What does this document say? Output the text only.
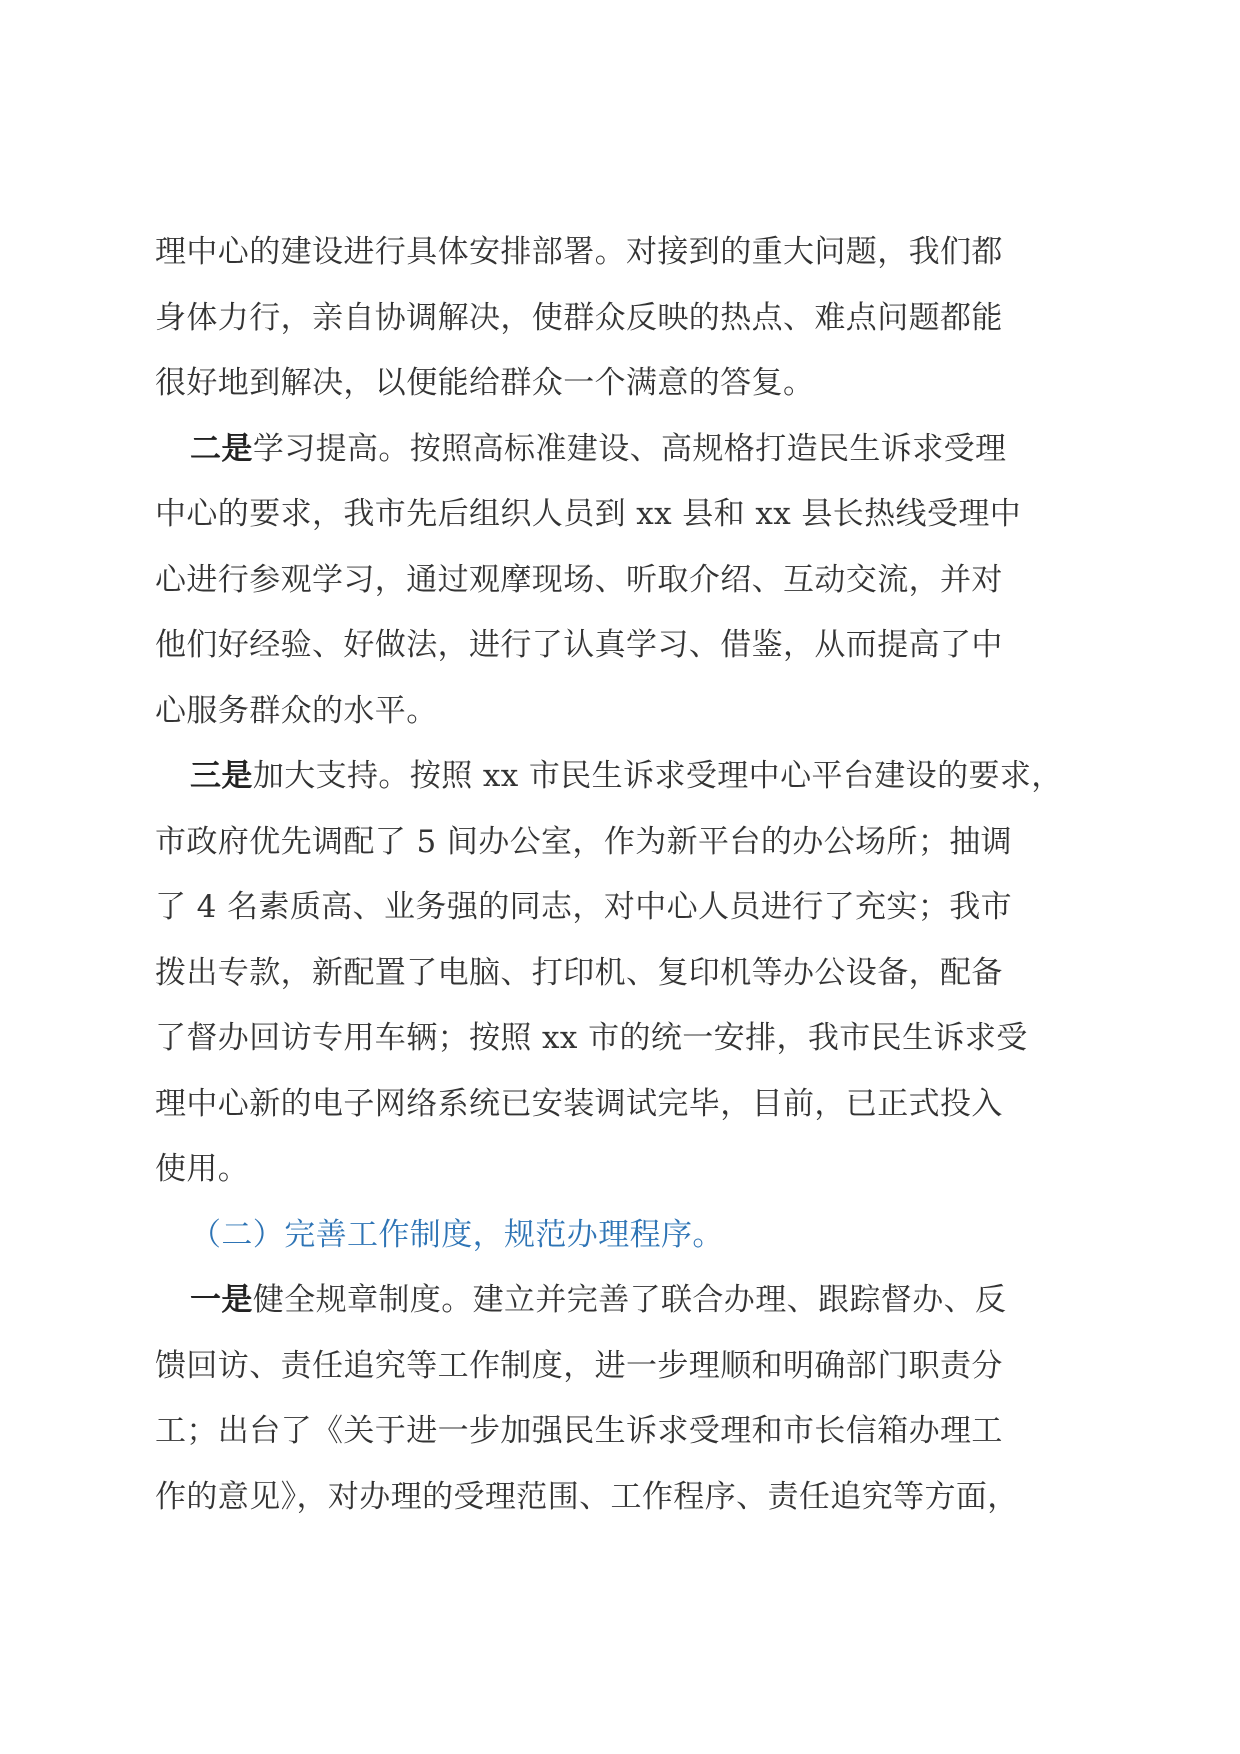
理中心的建设进行具体安排部署。对接到的重大问题，我们都
身体力行，亲自协调解决，使群众反映的热点、难点问题都能
很好地到解决，以便能给群众一个满意的答复。
二是学习提高。按照高标准建设、高规格打造民生诉求受理
中心的要求，我市先后组织人员到 xx 县和 xx 县长热线受理中
心进行参观学习，通过观摩现场、听取介绍、互动交流，并对
他们好经验、好做法，进行了认真学习、借鉴，从而提高了中
心服务群众的水平。
三是加大支持。按照 xx 市民生诉求受理中心平台建设的要求，
市政府优先调配了 5 间办公室，作为新平台的办公场所；抽调
了 4 名素质高、业务强的同志，对中心人员进行了充实；我市
拨出专款，新配置了电脑、打印机、复印机等办公设备，配备
了督办回访专用车辆；按照 xx 市的统一安排，我市民生诉求受
理中心新的电子网络系统已安装调试完毕，目前，已正式投入
使用。
（二）完善工作制度，规范办理程序。
一是健全规章制度。建立并完善了联合办理、跟踪督办、反
馈回访、责任追究等工作制度，进一步理顺和明确部门职责分
工；出台了《关于进一步加强民生诉求受理和市长信箱办理工
作的意见》，对办理的受理范围、工作程序、责任追究等方面，
